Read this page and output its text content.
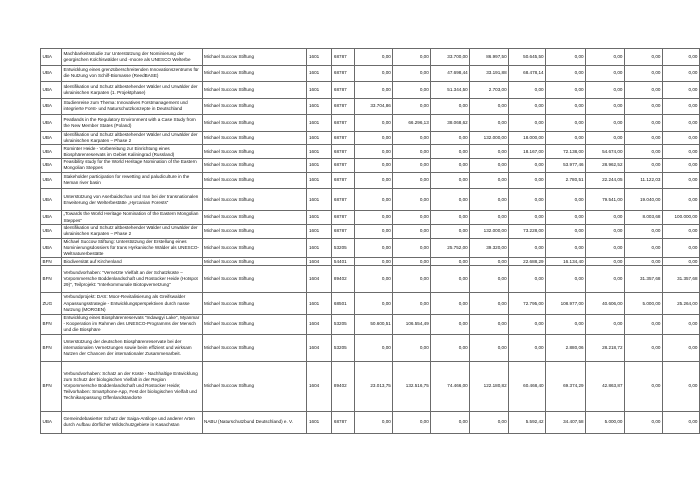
UBA	Machbarkeitsstudie zur Unterstützung der Nominierung der georgischen Kolchiswälder und -moore als UNESCO Welterbe	Michael Succow Stiftung	1601	68787	0,00	0,00	33.700,00	86.997,50	50.645,50	0,00	0,00	0,00	0,00
UBA	Entwicklung eines grenzüberschreitenden Innovationszentrums für die Nutzung von Schilf-Biomasse (ReedBASE)	Michael Succow Stiftung	1601	68787	0,00	0,00	47.698,44	33.191,88	68.478,14	0,00	0,00	0,00	0,00
UBA	Identifikation und Schutz altbestehender Wälder und Urwälder der ukrainischen Karpaten (1. Projektphase)	Michael Succow Stiftung	1601	68787	0,00	0,00	51.344,50	2.703,00	0,00	0,00	0,00	0,00	0,00
UBA	Studienreise zum Thema: Innovatives Forstmanagement und integrierte Forst- und Naturschutzkonzepte in Deutschland	Michael Succow Stiftung	1601	68787	33.704,86	0,00	0,00	0,00	0,00	0,00	0,00	0,00	0,00
UBA	Peatlands in the Regulatory Environment with a Case Study from the New Member States (Poland)	Michael Succow Stiftung	1601	68787	0,00	66.296,13	38.068,62	0,00	0,00	0,00	0,00	0,00	0,00
UBA	Identifikation und Schutz altbestehender Wälder und Urwälder der ukrainischen Karpaten – Phase 2	Michael Succow Stiftung	1601	68787	0,00	0,00	0,00	132.000,00	18.000,00	0,00	0,00	0,00	0,00
UBA	Rominter Heide - Vorbereitung zur Einrichtung eines Biosphärenreservats im Gebiet Kaliningrad (Russland)	Michael Succow Stiftung	1601	68787	0,00	0,00	0,00	0,00	18.167,00	72.138,00	54.674,00	0,00	0,00
UBA	Feasibility study for the World Heritage Nomination of the Eastern Mongolian Steppes	Michael Succow Stiftung	1601	68787	0,00	0,00	0,00	0,00	0,00	53.977,46	28.962,52	0,00	0,00
UBA	Stakeholder participation for rewetting and paludiculture in the Neman river basin	Michael Succow Stiftung	1601	68787	0,00	0,00	0,00	0,00	0,00	2.780,51	22.244,05	11.122,03	0,00
UBA	Unterstützung von Aserbaidschan und Iran bei der transnationalen Erweiterung der Welterbestätte „Hyrcanian Forests“	Michael Succow Stiftung	1601	68787	0,00	0,00	0,00	0,00	0,00	0,00	79.541,00	19.040,00	0,00
UBA	„Towards the World Heritage Nomination of the Eastern Mongolian Steppes“	Michael Succow Stiftung	1601	68787	0,00	0,00	0,00	0,00	0,00	0,00	0,00	8.003,68	100.000,00
UBA	Identifikation und Schutz altbestehender Wälder und Urwälder der ukrainischen Karpaten – Phase 2	Michael Succow Stiftung	1601	68787	0,00	0,00	0,00	132.000,00	73.228,00	0,00	0,00	0,00	0,00
UBA	Michael Succow Stiftung: Unterstützung der Erstellung eines Nominierungsdossiers für trans Hyrkanische Wälder als UNESCO-Weltnaturerbestätte	Michael Succow Stiftung	1601	53205	0,00	0,00	25.752,00	39.320,00	0,00	0,00	0,00	0,00	0,00
BFN	Biodiversität auf Kirchenland	Michael Succow Stiftung	1604	54401	0,00	0,00	0,00	0,00	22.688,29	16.134,40	0,00	0,00	0,00
BFN	Verbundvorhaben: "Vernetzte Vielfalt an der Schatzküste – Vorpommersche Boddenlandschaft und Rostocker Heide (Hotspot 29)", Teilprojekt: "Interkommunale Biotopvernetzung"	Michael Succow Stiftung	1604	89402	0,00	0,00	0,00	0,00	0,00	0,00	0,00	31.357,68	31.357,68
ZUG	Verbundprojekt: DAS: Moor-Revitalisierung als Greifswalder Anpassungsstrategie - Entwicklungsperspektiven durch nasse Nutzung (MORGEN)	Michael Succow Stiftung	1601	68501	0,00	0,00	0,00	0,00	72.795,00	108.977,00	40.606,00	5.000,00	25.264,00
BFN	Entwicklung eines Biosphärenreservats "Indawgyi Lake", Myanmar - Kooperation im Rahmen des UNESCO-Programms der Mensch und die Biosphäre	Michael Succow Stiftung	1604	53205	50.600,51	106.554,49	0,00	0,00	0,00	0,00	0,00	0,00	0,00
BFN	Unterstützung der deutschen Biosphärenreservate bei der internationalen Vernetzungen sowie beim effizient und wirksam Nutzen der Chancen der internationaler Zusammenarbeit.	Michael Succow Stiftung	1604	53205	0,00	0,00	0,00	0,00	0,00	2.880,06	28.218,72	0,00	0,00
BFN	Verbundvorhaben: Schatz an der Küste - Nachhaltige Entwicklung zum Schutz der biologischen Vielfalt in der Region Vorpommersche Boddenlandschaft und Rostocker Heide; Teilvorhaben: Smartphone-App, Fest der biologischen Vielfalt und Technikanpassung Offenlandstandorte	Michael Succow Stiftung	1604	89402	23.013,75	132.516,75	74.466,00	122.180,82	60.468,40	69.374,29	42.863,87	0,00	0,00
UBA	Gemeindebasierter Schutz der Saiga-Antilope und anderer Arten durch Aufbau dörflicher Wildschutzgebiete in Kasachstan	NABU (Naturschutzbund Deutschland) e. V.	1601	68787	0,00	0,00	0,00	0,00	5.592,42	34.407,58	5.000,00	0,00	0,00
